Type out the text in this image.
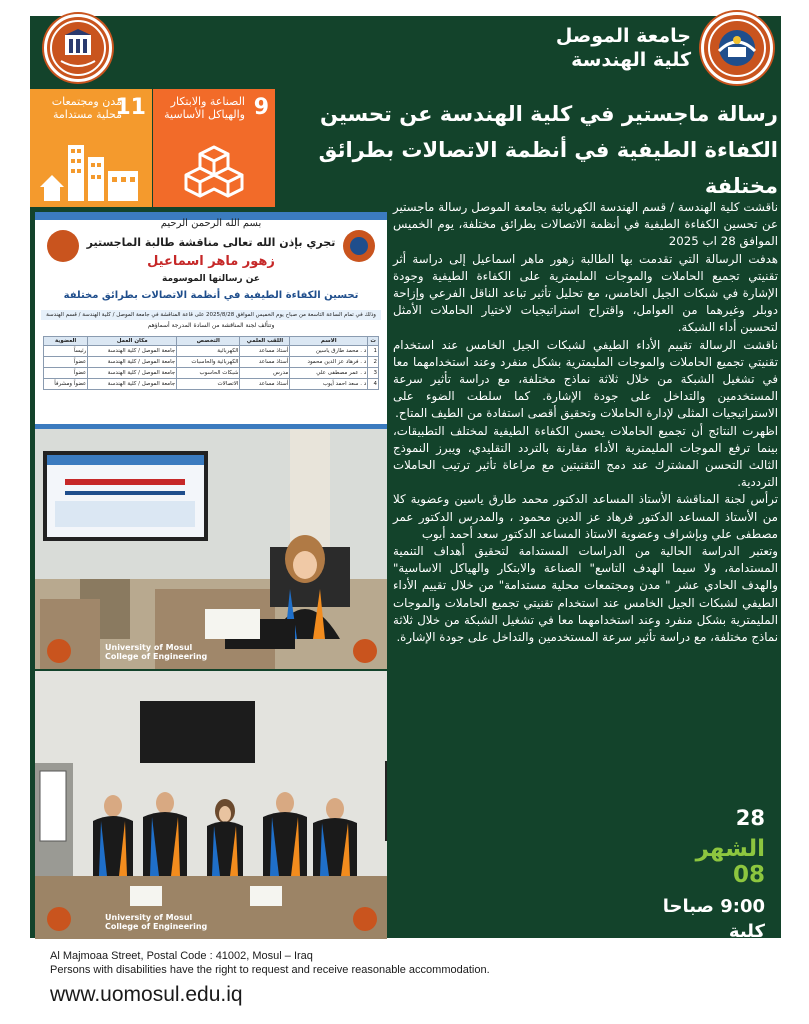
جامعة الموصل
كلية الهندسة
11
مدن ومجتمعات محلية مستدامة	9
الصناعة والابتكار والهياكل الأساسية	رسالة ماجستير في كلية الهندسة عن تحسين الكفاءة الطيفية في أنظمة الاتصالات بطرائق مختلفة
بسم الله الرحمن الرحيم
تجري بإذن الله تعالى مناقشة طالبة الماجستير
زهور ماهر اسماعيل
عن رسالتها الموسومة
تحسين الكفاءة الطيفية في أنظمة الاتصالات بطرائق مختلفة
وذلك في تمام الساعة التاسعة من صباح يوم الخميس الموافق 2025/8/28 على قاعة المناقشة في جامعة الموصل / كلية الهندسة / قسم الهندسة
وتتألف لجنة المناقشة من السادة المدرجة أسماؤهم
ت	الاسم	اللقب العلمي	التخصص	مكان العمل	العضوية
1	د . محمد طارق ياسين	أستاذ مساعد	الكهربائية	جامعة الموصل / كلية الهندسة	رئيساً
2	د . فرهاد عز الدين محمود	أستاذ مساعد	الكهربائية والحاسبات	جامعة الموصل / كلية الهندسة	عضواً
3	د . عمر مصطفى علي	مدرس	شبكات الحاسوب	جامعة الموصل / كلية الهندسة	عضواً
4	د . سعد احمد أيوب	أستاذ مساعد	الاتصالات	جامعة الموصل / كلية الهندسة	عضواً ومشرفاً
University of Mosul
College of Engineering
University of Mosul
College of Engineering

ناقشت كلية الهندسة / قسم الهندسة الكهربائية بجامعة الموصل رسالة ماجستير عن تحسين الكفاءة الطيفية في أنظمة الاتصالات بطرائق مختلفة، يوم الخميس الموافق 28 اب 2025

هدفت الرسالة التي تقدمت بها الطالبة زهور ماهر اسماعيل إلى دراسة أثر تقنيتي تجميع الحاملات والموجات المليمترية على الكفاءة الطيفية وجودة الإشارة في شبكات الجيل الخامس، مع تحليل تأثير تباعد الناقل الفرعي وإزاحة دوبلر وغيرهما من العوامل، واقتراح استراتيجيات لاختيار الحاملات الأمثل لتحسين أداء الشبكة.

ناقشت الرسالة تقييم الأداء الطيفي لشبكات الجيل الخامس عند استخدام تقنيتي تجميع الحاملات والموجات المليمترية بشكل منفرد وعند استخدامهما معا في تشغيل الشبكة من خلال ثلاثة نماذج مختلفة، مع دراسة تأثير سرعة المستخدمين والتداخل على جودة الإشارة. كما سلطت الضوء على الاستراتيجيات المثلى لإدارة الحاملات وتحقيق أقصى استفادة من الطيف المتاح.

اظهرت النتائج أن تجميع الحاملات يحسن الكفاءة الطيفية لمختلف التطبيقات، بينما ترفع الموجات المليمترية الأداء مقارنة بالتردد التقليدي، ويبرز النموذج الثالث التحسن المشترك عند دمج التقنيتين مع مراعاة تأثير ترتيب الحاملات الترددية.

ترأس لجنة المناقشة الأستاذ المساعد الدكتور محمد طارق ياسين وعضوية كلا من الأستاذ المساعد الدكتور فرهاد عز الدين محمود ، والمدرس الدكتور عمر مصطفى علي وبإشراف وعضوية الاستاذ المساعد الدكتور سعد أحمد أيوب

وتعتبر الدراسة الحالية من الدراسات المستدامة لتحقيق أهداف التنمية المستدامة، ولا سيما الهدف التاسع" الصناعة والابتكار والهياكل الاساسية" والهدف الحادي عشر " مدن ومجتمعات محلية مستدامة" من خلال تقييم الأداء الطيفي لشبكات الجيل الخامس عند استخدام تقنيتي تجميع الحاملات والموجات المليمترية بشكل منفرد وعند استخدامهما معا في تشغيل الشبكة من خلال ثلاثة نماذج مختلفة، مع دراسة تأثير سرعة المستخدمين والتداخل على جودة الإشارة.

28
الشهر 08
9:00 صباحا
كلية الهندسة
Al Majmoaa Street, Postal Code : 41002, Mosul – Iraq
Persons with disabilities have the right to request and receive reasonable accommodation.
www.uomosul.edu.iq
